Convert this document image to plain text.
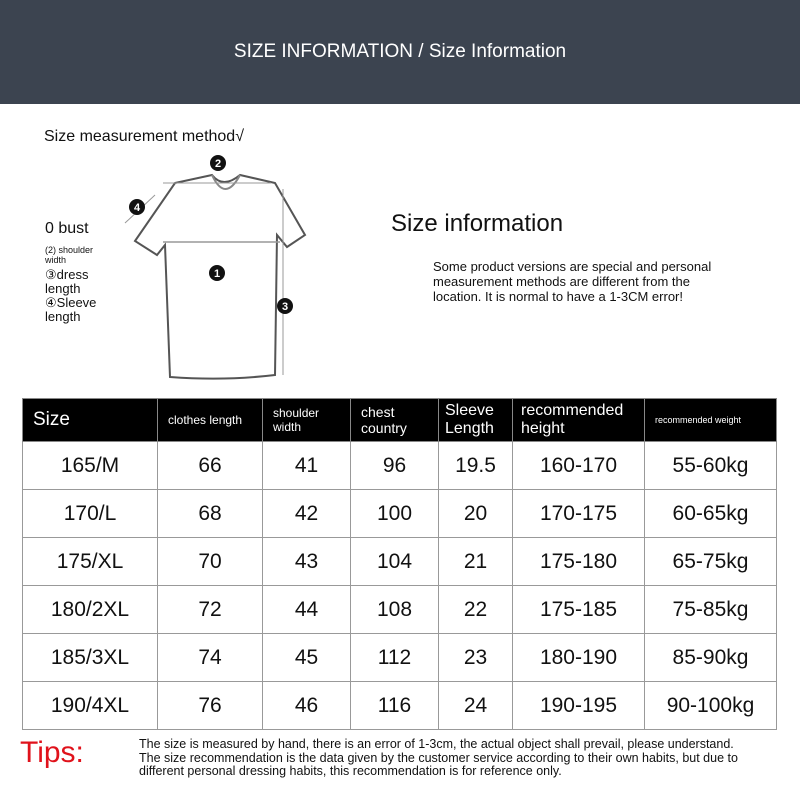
SIZE INFORMATION / Size Information
Size measurement method√
0 bust
(2) shoulder width
③dress length
④Sleeve length
1
2
3
4
Size information
Some product versions are special and personal measurement methods are different from the location. It is normal to have a 1-3CM error!
Size	clothes length	shoulder width	chest country	Sleeve Length	recommended height	recommended weight
165/M	66	41	96	19.5	160-170	55-60kg
170/L	68	42	100	20	170-175	60-65kg
175/XL	70	43	104	21	175-180	65-75kg
180/2XL	72	44	108	22	175-185	75-85kg
185/3XL	74	45	112	23	180-190	85-90kg
190/4XL	76	46	116	24	190-195	90-100kg
Tips:	The size is measured by hand, there is an error of 1-3cm, the actual object shall prevail, please understand. The size recommendation is the data given by the customer service according to their own habits, but due to different personal dressing habits, this recommendation is for reference only.
